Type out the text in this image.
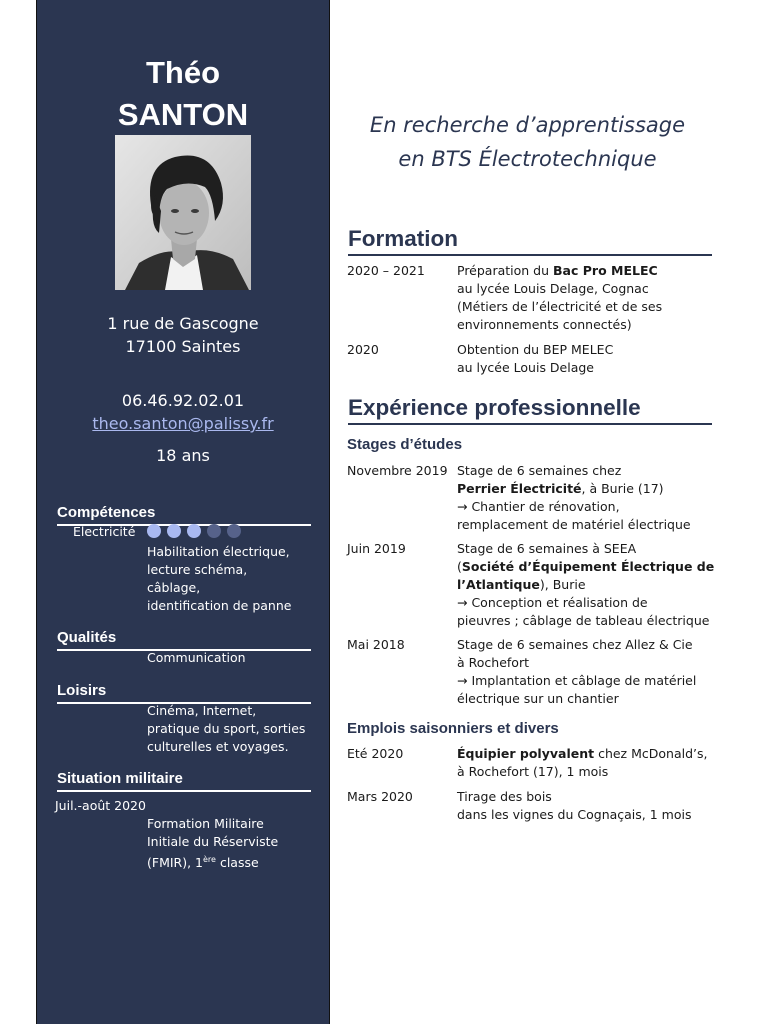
Théo
SANTON
1 rue de Gascogne
17100 Saintes
06.46.92.02.01
theo.santon@palissy.fr
18 ans
Compétences
Électricité
Habilitation électrique,
lecture schéma,
câblage,
identification de panne
Qualités
Communication
Loisirs
Cinéma, Internet,
pratique du sport, sorties
culturelles et voyages.
Situation militaire
Juil.-août 2020
Formation Militaire
Initiale du Réserviste
(FMIR), 1ère classe
En recherche d’apprentissage
en BTS Électrotechnique
Formation
2020 – 2021	Préparation du Bac Pro MELEC
au lycée Louis Delage, Cognac
(Métiers de l’électricité et de ses
environnements connectés)
2020	Obtention du BEP MELEC
au lycée Louis Delage
Expérience professionnelle
Stages d’études
Novembre 2019 Stage de 6 semaines chez
Perrier Électricité, à Burie (17)
→ Chantier de rénovation,
remplacement de matériel électrique
Juin 2019	Stage de 6 semaines à SEEA
(Société d’Équipement Électrique de
l’Atlantique), Burie
→ Conception et réalisation de
pieuvres ; câblage de tableau électrique
Mai 2018	Stage de 6 semaines chez Allez & Cie
à Rochefort
→ Implantation et câblage de matériel
électrique sur un chantier
Emplois saisonniers et divers
Eté 2020	Équipier polyvalent chez McDonald’s,
à Rochefort (17), 1 mois
Mars 2020	Tirage des bois
dans les vignes du Cognaçais, 1 mois
